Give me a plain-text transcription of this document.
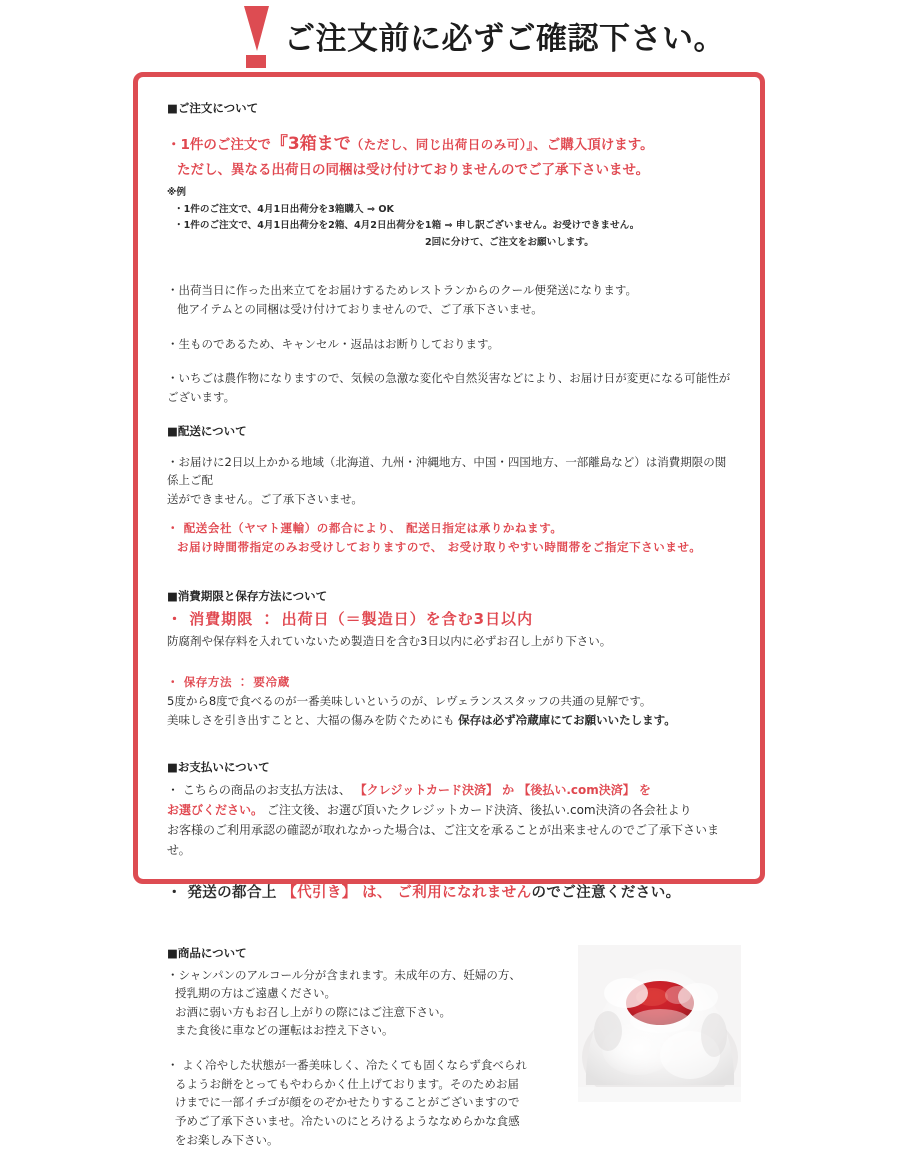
ご注文前に必ずご確認下さい。
■ご注文について

・1件のご注文で『3箱まで（ただし、同じ出荷日のみ可）』、ご購入頂けます。

ただし、異なる出荷日の同梱は受け付けておりませんのでご了承下さいませ。

※例
・1件のご注文で、4月1日出荷分を3箱購入 ⇒ OK
・1件のご注文で、4月1日出荷分を2箱、4月2日出荷分を1箱 ⇒ 申し訳ございません。お受けできません。
2回に分けて、ご注文をお願いします。

・出荷当日に作った出来立てをお届けするためレストランからのクール便発送になります。
他アイテムとの同梱は受け付けておりませんので、ご了承下さいませ。

・生ものであるため、キャンセル・返品はお断りしております。

・いちごは農作物になりますので、気候の急激な変化や自然災害などにより、お届け日が変更になる可能性が
ございます。

■配送について

・お届けに2日以上かかる地域（北海道、九州・沖縄地方、中国・四国地方、一部離島など）は消費期限の関係上ご配
送ができません。ご了承下さいませ。

・ 配送会社（ヤマト運輸）の都合により、 配送日指定は承りかねます。

お届け時間帯指定のみお受けしておりますので、 お受け取りやすい時間帯をご指定下さいませ。

■消費期限と保存方法について

・ 消費期限 ： 出荷日（＝製造日）を含む3日以内

防腐剤や保存料を入れていないため製造日を含む3日以内に必ずお召し上がり下さい。

・ 保存方法 ： 要冷蔵

5度から8度で食べるのが一番美味しいというのが、レヴェランススタッフの共通の見解です。

美味しさを引き出すことと、大福の傷みを防ぐためにも 保存は必ず冷蔵庫にてお願いいたします。

■お支払いについて

・ こちらの商品のお支払方法は、 【クレジットカード決済】 か 【後払い.com決済】 を

お選びください。 ご注文後、お選び頂いたクレジットカード決済、後払い.com決済の各会社より

お客様のご利用承認の確認が取れなかった場合は、ご注文を承ることが出来ませんのでご了承下さいませ。

・ 発送の都合上 【代引き】 は、 ご利用になれませんのでご注意ください。

■商品について

・シャンパンのアルコール分が含まれます。未成年の方、妊婦の方、
授乳期の方はご遠慮ください。
お酒に弱い方もお召し上がりの際にはご注意下さい。
また食後に車などの運転はお控え下さい。

・ よく冷やした状態が一番美味しく、冷たくても固くならず食べられ
るようお餅をとってもやわらかく仕上げております。そのためお届
けまでに一部イチゴが顔をのぞかせたりすることがございますので
予めご了承下さいませ。冷たいのにとろけるようななめらかな食感
をお楽しみ下さい。
